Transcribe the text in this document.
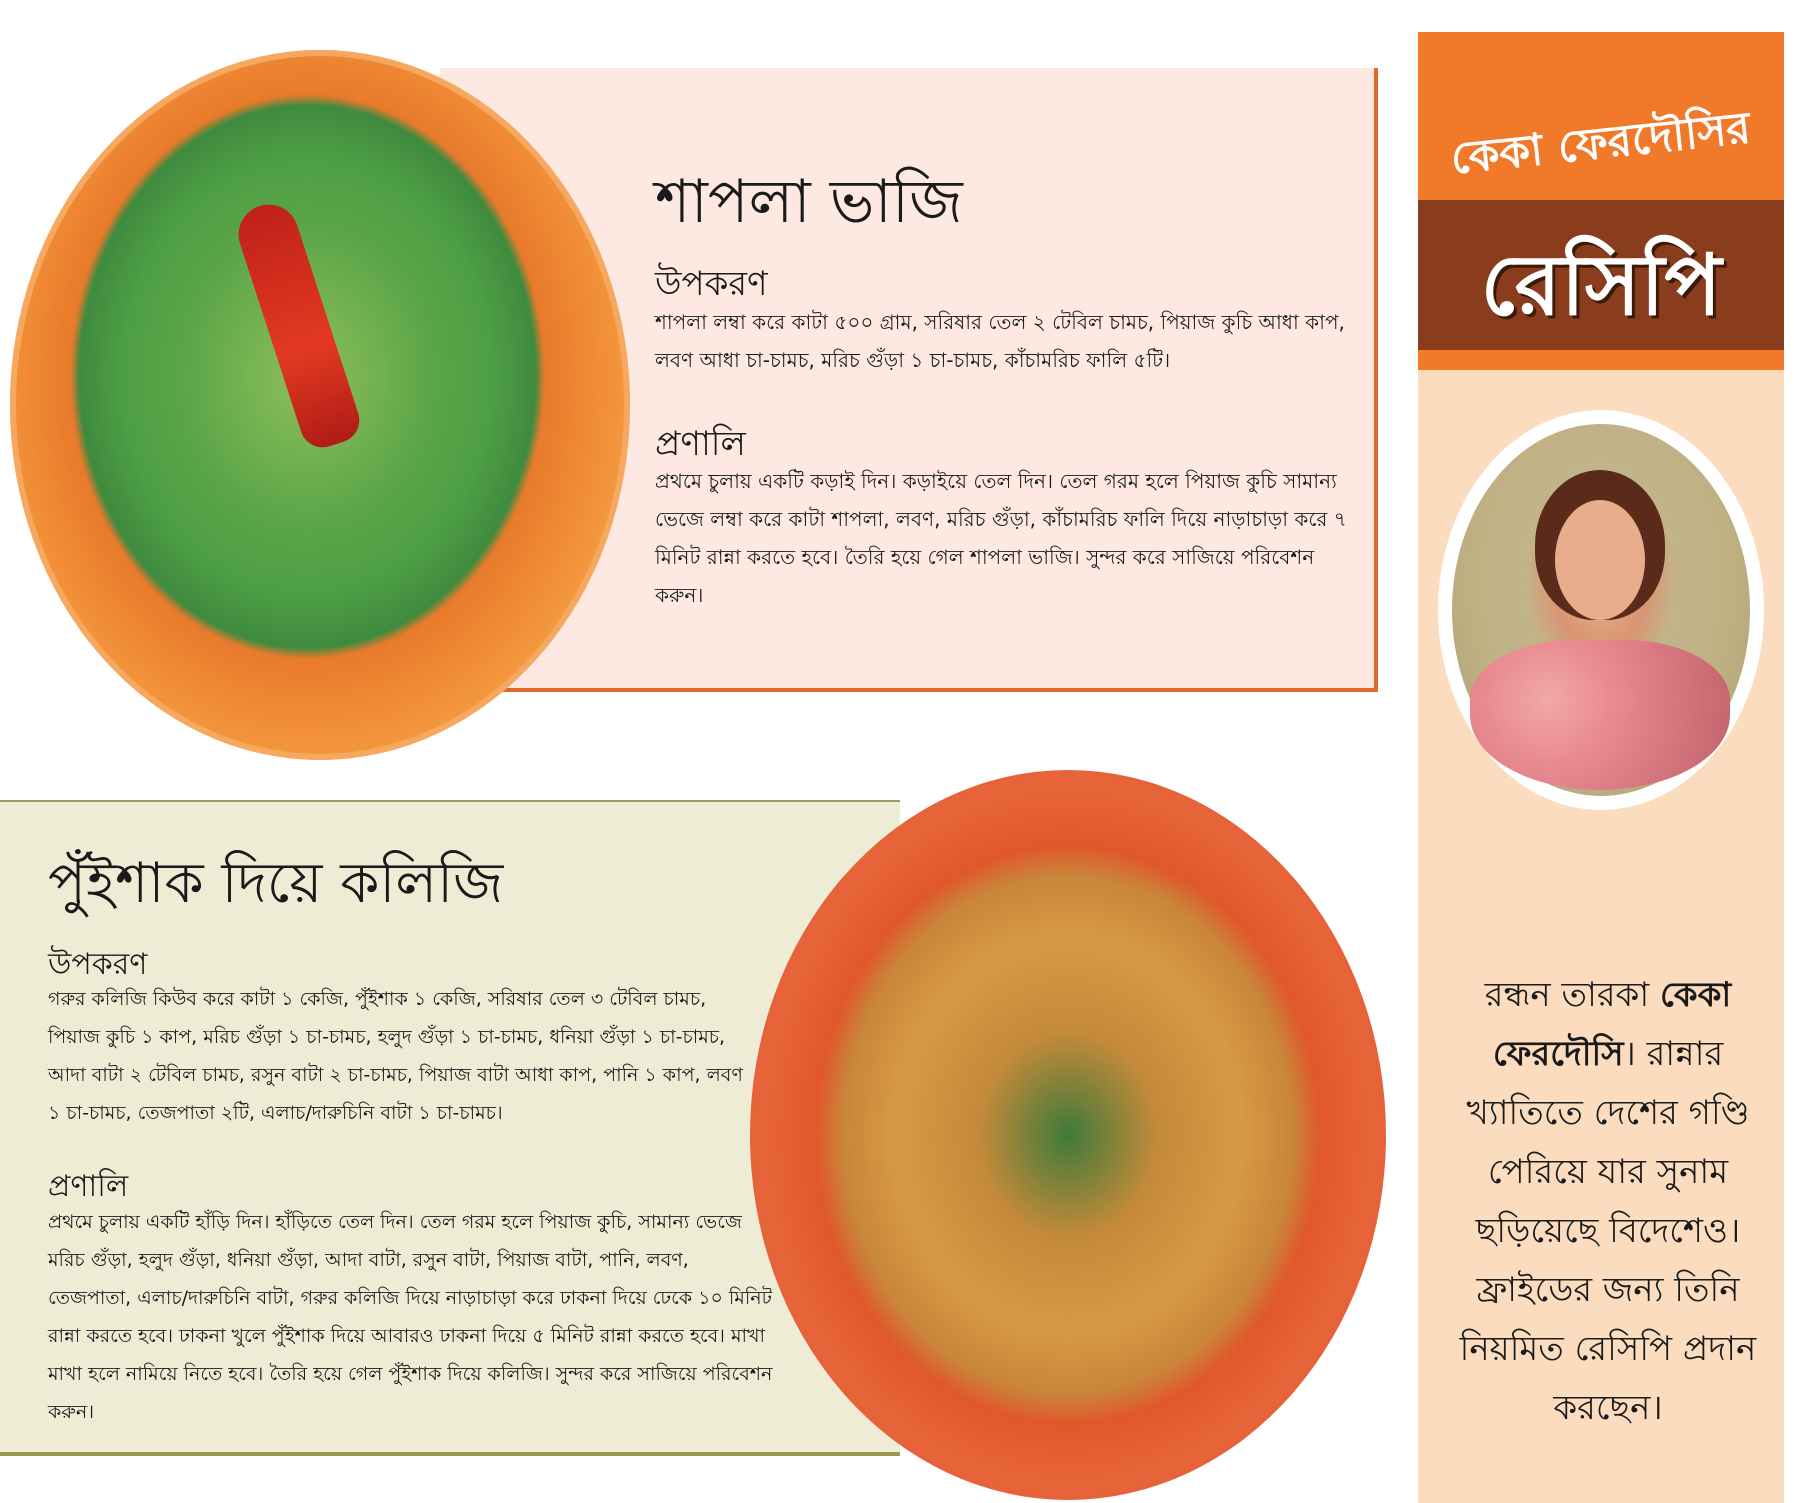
শাপলা ভাজি
উপকরণ
শাপলা লম্বা করে কাটা ৫০০ গ্রাম, সরিষার তেল ২ টেবিল চামচ, পিয়াজ কুচি আধা কাপ, লবণ আধা চা-চামচ, মরিচ গুঁড়া ১ চা-চামচ, কাঁচামরিচ ফালি ৫টি।
প্রণালি
প্রথমে চুলায় একটি কড়াই দিন। কড়াইয়ে তেল দিন। তেল গরম হলে পিয়াজ কুচি সামান্য ভেজে লম্বা করে কাটা শাপলা, লবণ, মরিচ গুঁড়া, কাঁচামরিচ ফালি দিয়ে নাড়াচাড়া করে ৭ মিনিট রান্না করতে হবে। তৈরি হয়ে গেল শাপলা ভাজি। সুন্দর করে সাজিয়ে পরিবেশন করুন।
পুঁইশাক দিয়ে কলিজি
উপকরণ
গরুর কলিজি কিউব করে কাটা ১ কেজি, পুঁইশাক ১ কেজি, সরিষার তেল ৩ টেবিল চামচ, পিয়াজ কুচি ১ কাপ, মরিচ গুঁড়া ১ চা-চামচ, হলুদ গুঁড়া ১ চা-চামচ, ধনিয়া গুঁড়া ১ চা-চামচ, আদা বাটা ২ টেবিল চামচ, রসুন বাটা ২ চা-চামচ, পিয়াজ বাটা আধা কাপ, পানি ১ কাপ, লবণ ১ চা-চামচ, তেজপাতা ২টি, এলাচ/দারুচিনি বাটা ১ চা-চামচ।
প্রণালি
প্রথমে চুলায় একটি হাঁড়ি দিন। হাঁড়িতে তেল দিন। তেল গরম হলে পিয়াজ কুচি, সামান্য ভেজে মরিচ গুঁড়া, হলুদ গুঁড়া, ধনিয়া গুঁড়া, আদা বাটা, রসুন বাটা, পিয়াজ বাটা, পানি, লবণ, তেজপাতা, এলাচ/দারুচিনি বাটা, গরুর কলিজি দিয়ে নাড়াচাড়া করে ঢাকনা দিয়ে ঢেকে ১০ মিনিট রান্না করতে হবে। ঢাকনা খুলে পুঁইশাক দিয়ে আবারও ঢাকনা দিয়ে ৫ মিনিট রান্না করতে হবে। মাখা মাখা হলে নামিয়ে নিতে হবে। তৈরি হয়ে গেল পুঁইশাক দিয়ে কলিজি। সুন্দর করে সাজিয়ে পরিবেশন করুন।
কেকা ফেরদৌসির
রেসিপি
রন্ধন তারকা কেকা ফেরদৌসি। রান্নার খ্যাতিতে দেশের গণ্ডি পেরিয়ে যার সুনাম ছড়িয়েছে বিদেশেও। ফ্রাইডের জন্য তিনি নিয়মিত রেসিপি প্রদান করছেন।
